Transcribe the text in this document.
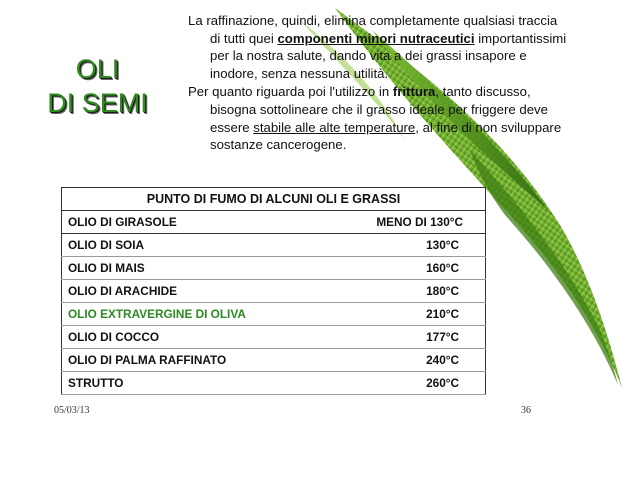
OLI
DI SEMI

La raffinazione, quindi, elimina completamente qualsiasi traccia di tutti quei componenti minori nutraceutici importantissimi per la nostra salute, dando vita a dei grassi insapore e inodore, senza nessuna utilità.

Per quanto riguarda poi l'utilizzo in frittura, tanto discusso, bisogna sottolineare che il grasso ideale per friggere deve essere stabile alle alte temperature, al fine di non sviluppare sostanze cancerogene.

PUNTO DI FUMO DI ALCUNI OLI E GRASSI	
OLIO DI GIRASOLE	MENO DI 130°C
OLIO DI SOIA	130°C
OLIO DI MAIS	160°C
OLIO DI ARACHIDE	180°C
OLIO EXTRAVERGINE DI OLIVA	210°C
OLIO DI COCCO	177°C
OLIO DI PALMA RAFFINATO	240°C
STRUTTO	260°C
05/03/13	36
